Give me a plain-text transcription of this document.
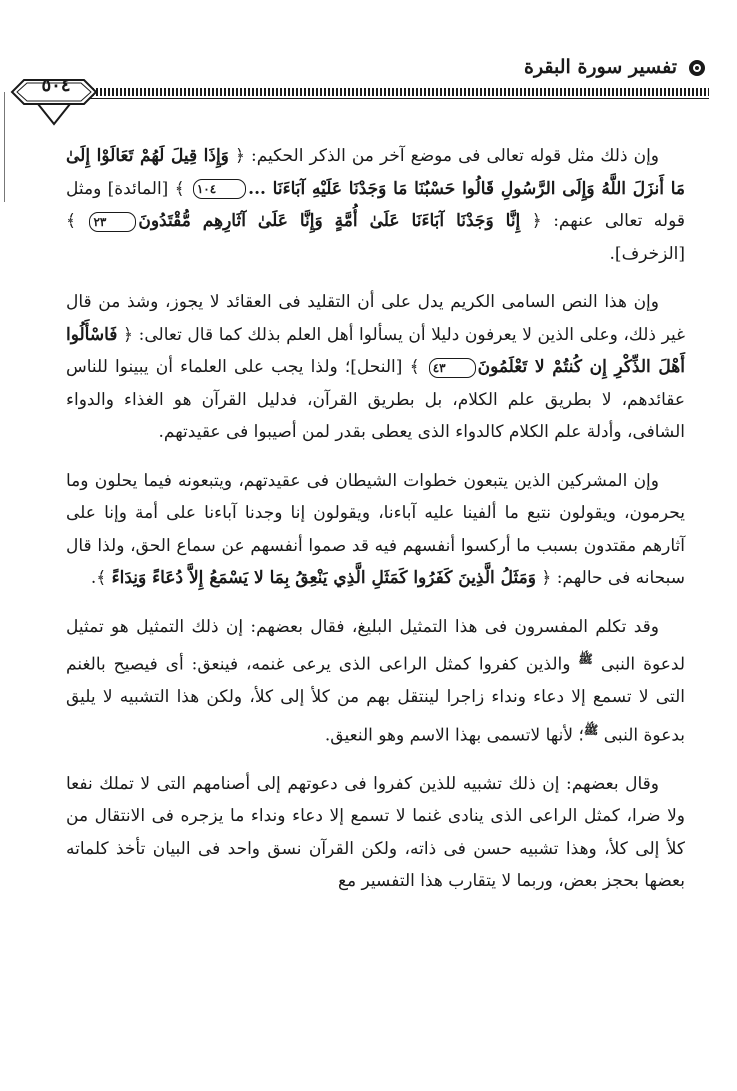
تفسير سورة البقرة
٥٠٤

وإن ذلك مثل قوله تعالى فى موضع آخر من الذكر الحكيم: ﴿ وَإِذَا قِيلَ لَهُمْ تَعَالَوْا إِلَىٰ مَا أَنزَلَ اللَّهُ وَإِلَى الرَّسُولِ قَالُوا حَسْبُنَا مَا وَجَدْنَا عَلَيْهِ آبَاءَنَا ...١٠٤ ﴾ [المائدة] ومثل قوله تعالى عنهم: ﴿ إِنَّا وَجَدْنَا آبَاءَنَا عَلَىٰ أُمَّةٍ وَإِنَّا عَلَىٰ آثَارِهِم مُّقْتَدُونَ٢٣ ﴾ [الزخرف].

وإن هذا النص السامى الكريم يدل على أن التقليد فى العقائد لا يجوز، وشذ من قال غير ذلك، وعلى الذين لا يعرفون دليلا أن يسألوا أهل العلم بذلك كما قال تعالى: ﴿ فَاسْأَلُوا أَهْلَ الذِّكْرِ إِن كُنتُمْ لا تَعْلَمُونَ٤٣ ﴾ [النحل]؛ ولذا يجب على العلماء أن يبينوا للناس عقائدهم، لا بطريق علم الكلام، بل بطريق القرآن، فدليل القرآن هو الغذاء والدواء الشافى، وأدلة علم الكلام كالدواء الذى يعطى بقدر لمن أصيبوا فى عقيدتهم.

وإن المشركين الذين يتبعون خطوات الشيطان فى عقيدتهم، ويتبعونه فيما يحلون وما يحرمون، ويقولون نتبع ما ألفينا عليه آباءنا، ويقولون إنا وجدنا آباءنا على أمة وإنا على آثارهم مقتدون بسبب ما أركسوا أنفسهم فيه قد صموا أنفسهم عن سماع الحق، ولذا قال سبحانه فى حالهم: ﴿ وَمَثَلُ الَّذِينَ كَفَرُوا كَمَثَلِ الَّذِي يَنْعِقُ بِمَا لا يَسْمَعُ إِلاَّ دُعَاءً وَنِدَاءً ﴾.

وقد تكلم المفسرون فى هذا التمثيل البليغ، فقال بعضهم: إن ذلك التمثيل هو تمثيل لدعوة النبى $^ﷺ$ والذين كفروا كمثل الراعى الذى يرعى غنمه، فينعق: أى فيصيح بالغنم التى لا تسمع إلا دعاء ونداء زاجرا لينتقل بهم من كلأ إلى كلأ، ولكن هذا التشبيه لا يليق بدعوة النبى $^ﷺ$؛ لأنها لاتسمى بهذا الاسم وهو النعيق.

وقال بعضهم: إن ذلك تشبيه للذين كفروا فى دعوتهم إلى أصنامهم التى لا تملك نفعا ولا ضرا، كمثل الراعى الذى ينادى غنما لا تسمع إلا دعاء ونداء ما يزجره فى الانتقال من كلأ إلى كلأ، وهذا تشبيه حسن فى ذاته، ولكن القرآن نسق واحد فى البيان تأخذ كلماته بعضها بحجز بعض، وربما لا يتقارب هذا التفسير مع
